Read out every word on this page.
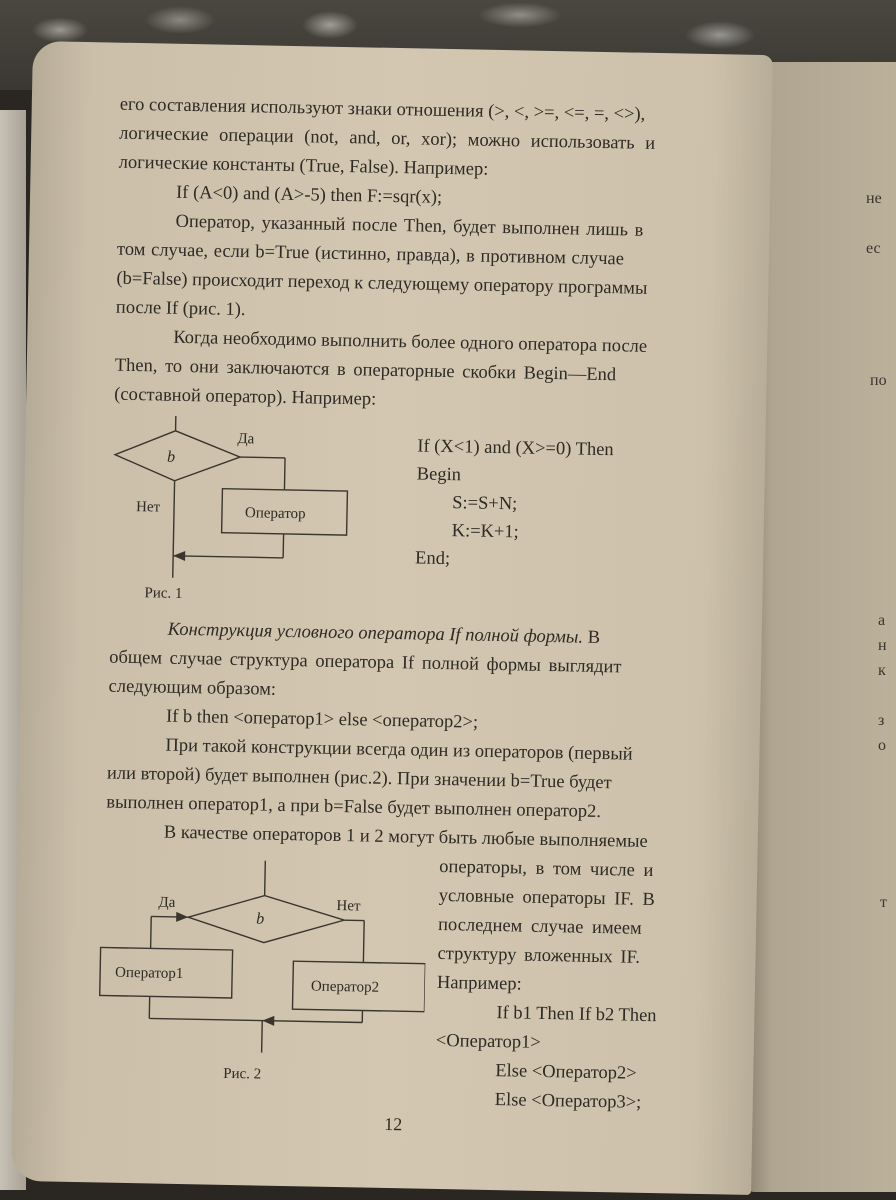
не
ес
по
а
н
к
з
о
т
его составления используют знаки отношения (>, <, >=, <=, =, <>),
логические операции (not, and, or, xor); можно использовать и
логические константы (True, False). Например:
If (A<0) and (A>-5) then F:=sqr(x);
Оператор, указанный после Then, будет выполнен лишь в
том случае, если b=True (истинно, правда), в противном случае
(b=False) происходит переход к следующему оператору программы
после If (рис. 1).
Когда необходимо выполнить более одного оператора после
Then, то они заключаются в операторные скобки Begin—End
(составной оператор). Например:
b
Да
Нет	Оператор
Рис. 1
If (X<1) and (X>=0) Then
Begin
S:=S+N;
K:=K+1;
End;
Конструкция условного оператора If полной формы. В
общем случае структура оператора If полной формы выглядит
следующим образом:
If b then <оператор1> else <оператор2>;
При такой конструкции всегда один из операторов (первый
или второй) будет выполнен (рис.2). При значении b=True будет
выполнен оператор1, а при b=False будет выполнен оператор2.
В качестве операторов 1 и 2 могут быть любые выполняемые
операторы, в том числе и
условные операторы IF. В
последнем случае имеем
структуру вложенных IF.
Например:
If b1 Then If b2 Then
<Оператор1>
Else <Оператор2>
Else <Оператор3>;
b
Да	Нет
Оператор1
Оператор2
Рис. 2
12
